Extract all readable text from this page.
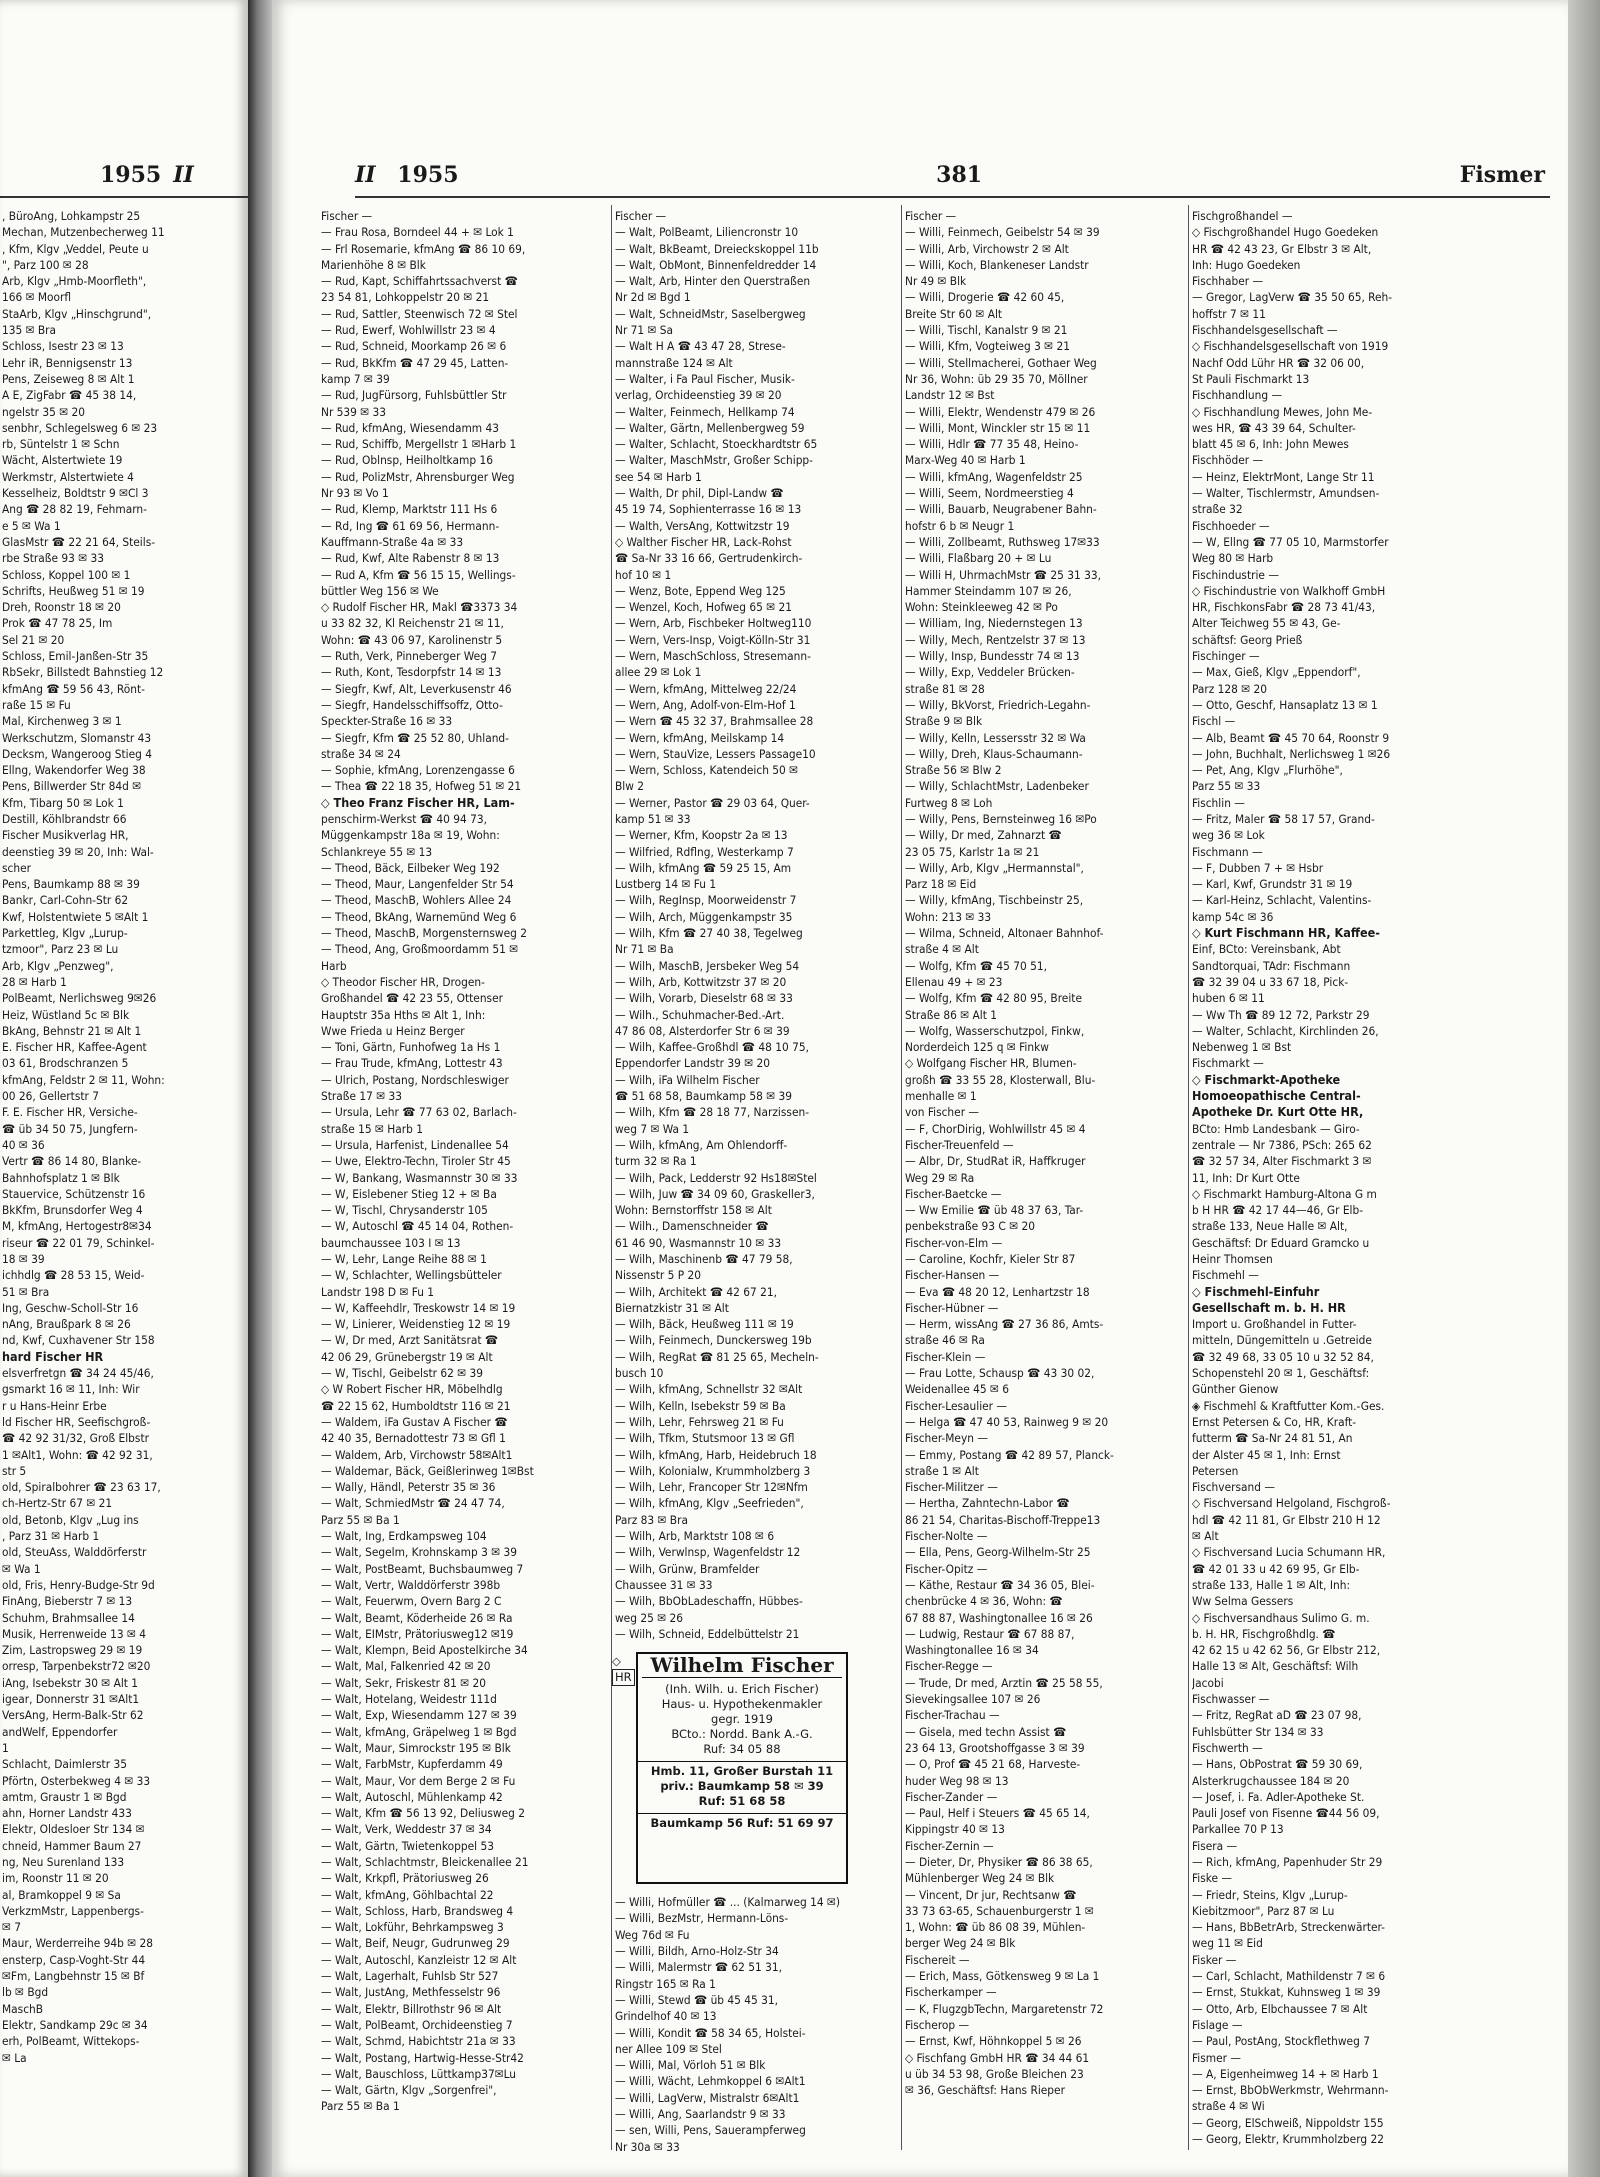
, BüroAng, Lohkampstr 25
Mechan, Mutzenbecherweg 11
, Kfm, Klgv „Veddel, Peute u
", Parz 100 ✉ 28
Arb, Klgv „Hmb-Moorfleth",
166 ✉ Moorfl
StaArb, Klgv „Hinschgrund",
135 ✉ Bra
Schloss, Isestr 23 ✉ 13
Lehr iR, Bennigsenstr 13
Pens, Zeiseweg 8 ✉ Alt 1
A E, ZigFabr ☎ 45 38 14,
ngelstr 35 ✉ 20
senbhr, Schlegelsweg 6 ✉ 23
rb, Süntelstr 1 ✉ Schn
Wächt, Alstertwiete 19
Werkmstr, Alstertwiete 4
Kesselheiz, Boldtstr 9 ✉Cl 3
Ang ☎ 28 82 19, Fehmarn-
e 5 ✉ Wa 1
GlasMstr ☎ 22 21 64, Steils-
rbe Straße 93 ✉ 33
Schloss, Koppel 100 ✉ 1
Schrifts, Heußweg 51 ✉ 19
Dreh, Roonstr 18 ✉ 20
Prok ☎ 47 78 25, Im
Sel 21 ✉ 20
Schloss, Emil-Janßen-Str 35
RbSekr, Billstedt Bahnstieg 12
kfmAng ☎ 59 56 43, Rönt-
raße 15 ✉ Fu
Mal, Kirchenweg 3 ✉ 1
Werkschutzm, Slomanstr 43
Decksm, Wangeroog Stieg 4
Ellng, Wakendorfer Weg 38
Pens, Billwerder Str 84d ✉
Kfm, Tibarg 50 ✉ Lok 1
Destill, Köhlbrandstr 66
Fischer Musikverlag HR,
deenstieg 39 ✉ 20, Inh: Wal-
scher
Pens, Baumkamp 88 ✉ 39
Bankr, Carl-Cohn-Str 62
Kwf, Holstentwiete 5 ✉Alt 1
Parkettleg, Klgv „Lurup-
tzmoor", Parz 23 ✉ Lu
Arb, Klgv „Penzweg",
28 ✉ Harb 1
PolBeamt, Nerlichsweg 9✉26
Heiz, Wüstland 5c ✉ Blk
BkAng, Behnstr 21 ✉ Alt 1
E. Fischer HR, Kaffee-Agent
03 61, Brodschranzen 5
kfmAng, Feldstr 2 ✉ 11, Wohn:
00 26, Gellertstr 7
F. E. Fischer HR, Versiche-
☎ üb 34 50 75, Jungfern-
40 ✉ 36
Vertr ☎ 86 14 80, Blanke-
Bahnhofsplatz 1 ✉ Blk
Stauervice, Schützenstr 16
BkKfm, Brunsdorfer Weg 4
M, kfmAng, Hertogestr8✉34
riseur ☎ 22 01 79, Schinkel-
18 ✉ 39
ichhdlg ☎ 28 53 15, Weid-
51 ✉ Bra
Ing, Geschw-Scholl-Str 16
nAng, Braußpark 8 ✉ 26
nd, Kwf, Cuxhavener Str 158
hard Fischer HR
elsverfretgn ☎ 34 24 45/46,
gsmarkt 16 ✉ 11, Inh: Wir
r u Hans-Heinr Erbe
ld Fischer HR, Seefischgroß-
☎ 42 92 31/32, Groß Elbstr
1 ✉Alt1, Wohn: ☎ 42 92 31,
str 5
old, Spiralbohrer ☎ 23 63 17,
ch-Hertz-Str 67 ✉ 21
old, Betonb, Klgv „Lug ins
, Parz 31 ✉ Harb 1
old, SteuAss, Walddörferstr
✉ Wa 1
old, Fris, Henry-Budge-Str 9d
FinAng, Bieberstr 7 ✉ 13
Schuhm, Brahmsallee 14
Musik, Herrenweide 13 ✉ 4
Zim, Lastropsweg 29 ✉ 19
orresp, Tarpenbekstr72 ✉20
iAng, Isebekstr 30 ✉ Alt 1
igear, Donnerstr 31 ✉Alt1
VersAng, Herm-Balk-Str 62
andWelf, Eppendorfer
1
Schlacht, Daimlerstr 35
Pförtn, Osterbekweg 4 ✉ 33
amtm, Graustr 1 ✉ Bgd
ahn, Horner Landstr 433
Elektr, Oldesloer Str 134 ✉
chneid, Hammer Baum 27
ng, Neu Surenland 133
im, Roonstr 11 ✉ 20
al, Bramkoppel 9 ✉ Sa
VerkzmMstr, Lappenbergs-
✉ 7
Maur, Werderreihe 94b ✉ 28
ensterp, Casp-Voght-Str 44
✉Fm, Langbehnstr 15 ✉ Bf
lb ✉ Bgd
MaschB
Elektr, Sandkamp 29c ✉ 34
erh, PolBeamt, Wittekops-
✉ La
1955 II	II 1955	381	Fismer
Fischer —
— Frau Rosa, Borndeel 44 + ✉ Lok 1
— Frl Rosemarie, kfmAng ☎ 86 10 69,
Marienhöhe 8 ✉ Blk
— Rud, Kapt, Schiffahrtssachverst ☎
23 54 81, Lohkoppelstr 20 ✉ 21
— Rud, Sattler, Steenwisch 72 ✉ Stel
— Rud, Ewerf, Wohlwillstr 23 ✉ 4
— Rud, Schneid, Moorkamp 26 ✉ 6
— Rud, BkKfm ☎ 47 29 45, Latten-
kamp 7 ✉ 39
— Rud, JugFürsorg, Fuhlsbüttler Str
Nr 539 ✉ 33
— Rud, kfmAng, Wiesendamm 43
— Rud, Schiffb, Mergellstr 1 ✉Harb 1
— Rud, Oblnsp, Heilholtkamp 16
— Rud, PolizMstr, Ahrensburger Weg
Nr 93 ✉ Vo 1
— Rud, Klemp, Marktstr 111 Hs 6
— Rd, Ing ☎ 61 69 56, Hermann-
Kauffmann-Straße 4a ✉ 33
— Rud, Kwf, Alte Rabenstr 8 ✉ 13
— Rud A, Kfm ☎ 56 15 15, Wellings-
büttler Weg 156 ✉ We
◇ Rudolf Fischer HR, Makl ☎3373 34
u 33 82 32, Kl Reichenstr 21 ✉ 11,
Wohn: ☎ 43 06 97, Karolinenstr 5
— Ruth, Verk, Pinneberger Weg 7
— Ruth, Kont, Tesdorpfstr 14 ✉ 13
— Siegfr, Kwf, Alt, Leverkusenstr 46
— Siegfr, Handelsschiffsoffz, Otto-
Speckter-Straße 16 ✉ 33
— Siegfr, Kfm ☎ 25 52 80, Uhland-
straße 34 ✉ 24
— Sophie, kfmAng, Lorenzengasse 6
— Thea ☎ 22 18 35, Hofweg 51 ✉ 21
◇ Theo Franz Fischer HR, Lam-
penschirm-Werkst ☎ 40 94 73,
Müggenkampstr 18a ✉ 19, Wohn:
Schlankreye 55 ✉ 13
— Theod, Bäck, Eilbeker Weg 192
— Theod, Maur, Langenfelder Str 54
— Theod, MaschB, Wohlers Allee 24
— Theod, BkAng, Warnemünd Weg 6
— Theod, MaschB, Morgensternsweg 2
— Theod, Ang, Großmoordamm 51 ✉
Harb
◇ Theodor Fischer HR, Drogen-
Großhandel ☎ 42 23 55, Ottenser
Hauptstr 35a Hths ✉ Alt 1, Inh:
Wwe Frieda u Heinz Berger
— Toni, Gärtn, Funhofweg 1a Hs 1
— Frau Trude, kfmAng, Lottestr 43
— Ulrich, Postang, Nordschleswiger
Straße 17 ✉ 33
— Ursula, Lehr ☎ 77 63 02, Barlach-
straße 15 ✉ Harb 1
— Ursula, Harfenist, Lindenallee 54
— Uwe, Elektro-Techn, Tiroler Str 45
— W, Bankang, Wasmannstr 30 ✉ 33
— W, Eislebener Stieg 12 + ✉ Ba
— W, Tischl, Chrysanderstr 105
— W, Autoschl ☎ 45 14 04, Rothen-
baumchaussee 103 I ✉ 13
— W, Lehr, Lange Reihe 88 ✉ 1
— W, Schlachter, Wellingsbütteler
Landstr 198 D ✉ Fu 1
— W, Kaffeehdlr, Treskowstr 14 ✉ 19
— W, Linierer, Weidenstieg 12 ✉ 19
— W, Dr med, Arzt Sanitätsrat ☎
42 06 29, Grünebergstr 19 ✉ Alt
— W, Tischl, Geibelstr 62 ✉ 39
◇ W Robert Fischer HR, Möbelhdlg
☎ 22 15 62, Humboldtstr 116 ✉ 21
— Waldem, iFa Gustav A Fischer ☎
42 40 35, Bernadottestr 73 ✉ Gfl 1
— Waldem, Arb, Virchowstr 58✉Alt1
— Waldemar, Bäck, Geißlerinweg 1✉Bst
— Wally, Händl, Peterstr 35 ✉ 36
— Walt, SchmiedMstr ☎ 24 47 74,
Parz 55 ✉ Ba 1
— Walt, Ing, Erdkampsweg 104
— Walt, Segelm, Krohnskamp 3 ✉ 39
— Walt, PostBeamt, Buchsbaumweg 7
— Walt, Vertr, Walddörferstr 398b
— Walt, Feuerwm, Overn Barg 2 C
— Walt, Beamt, Köderheide 26 ✉ Ra
— Walt, EIMstr, Prätoriusweg12 ✉19
— Walt, Klempn, Beid Apostelkirche 34
— Walt, Mal, Falkenried 42 ✉ 20
— Walt, Sekr, Friskestr 81 ✉ 20
— Walt, Hotelang, Weidestr 111d
— Walt, Exp, Wiesendamm 127 ✉ 39
— Walt, kfmAng, Gräpelweg 1 ✉ Bgd
— Walt, Maur, Simrockstr 195 ✉ Blk
— Walt, FarbMstr, Kupferdamm 49
— Walt, Maur, Vor dem Berge 2 ✉ Fu
— Walt, Autoschl, Mühlenkamp 42
— Walt, Kfm ☎ 56 13 92, Deliusweg 2
— Walt, Verk, Weddestr 37 ✉ 34
— Walt, Gärtn, Twietenkoppel 53
— Walt, Schlachtmstr, Bleickenallee 21
— Walt, Krkpfl, Prätoriusweg 26
— Walt, kfmAng, Göhlbachtal 22
— Walt, Schloss, Harb, Brandsweg 4
— Walt, Lokführ, Behrkampsweg 3
— Walt, Beif, Neugr, Gudrunweg 29
— Walt, Autoschl, Kanzleistr 12 ✉ Alt
— Walt, Lagerhalt, Fuhlsb Str 527
— Walt, JustAng, Methfesselstr 96
— Walt, Elektr, Billrothstr 96 ✉ Alt
— Walt, PolBeamt, Orchideenstieg 7
— Walt, Schmd, Habichtstr 21a ✉ 33
— Walt, Postang, Hartwig-Hesse-Str42
— Walt, Bauschloss, Lüttkamp37✉Lu
— Walt, Gärtn, Klgv „Sorgenfrei",
Parz 55 ✉ Ba 1
Fischer —
— Walt, PolBeamt, Liliencronstr 10
— Walt, BkBeamt, Dreieckskoppel 11b
— Walt, ObMont, Binnenfeldredder 14
— Walt, Arb, Hinter den Querstraßen
Nr 2d ✉ Bgd 1
— Walt, SchneidMstr, Saselbergweg
Nr 71 ✉ Sa
— Walt H A ☎ 43 47 28, Strese-
mannstraße 124 ✉ Alt
— Walter, i Fa Paul Fischer, Musik-
verlag, Orchideenstieg 39 ✉ 20
— Walter, Feinmech, Hellkamp 74
— Walter, Gärtn, Mellenbergweg 59
— Walter, Schlacht, Stoeckhardtstr 65
— Walter, MaschMstr, Großer Schipp-
see 54 ✉ Harb 1
— Walth, Dr phil, Dipl-Landw ☎
45 19 74, Sophienterrasse 16 ✉ 13
— Walth, VersAng, Kottwitzstr 19
◇ Walther Fischer HR, Lack-Rohst
☎ Sa-Nr 33 16 66, Gertrudenkirch-
hof 10 ✉ 1
— Wenz, Bote, Eppend Weg 125
— Wenzel, Koch, Hofweg 65 ✉ 21
— Wern, Arb, Fischbeker Holtweg110
— Wern, Vers-Insp, Voigt-Kölln-Str 31
— Wern, MaschSchloss, Stresemann-
allee 29 ✉ Lok 1
— Wern, kfmAng, Mittelweg 22/24
— Wern, Ang, Adolf-von-Elm-Hof 1
— Wern ☎ 45 32 37, Brahmsallee 28
— Wern, kfmAng, Meilskamp 14
— Wern, StauVize, Lessers Passage10
— Wern, Schloss, Katendeich 50 ✉
Blw 2
— Werner, Pastor ☎ 29 03 64, Quer-
kamp 51 ✉ 33
— Werner, Kfm, Koopstr 2a ✉ 13
— Wilfried, Rdflng, Westerkamp 7
— Wilh, kfmAng ☎ 59 25 15, Am
Lustberg 14 ✉ Fu 1
— Wilh, RegInsp, Moorweidenstr 7
— Wilh, Arch, Müggenkampstr 35
— Wilh, Kfm ☎ 27 40 38, Tegelweg
Nr 71 ✉ Ba
— Wilh, MaschB, Jersbeker Weg 54
— Wilh, Arb, Kottwitzstr 37 ✉ 20
— Wilh, Vorarb, Dieselstr 68 ✉ 33
— Wilh., Schuhmacher-Bed.-Art.
47 86 08, Alsterdorfer Str 6 ✉ 39
— Wilh, Kaffee-Großhdl ☎ 48 10 75,
Eppendorfer Landstr 39 ✉ 20
— Wilh, iFa Wilhelm Fischer
☎ 51 68 58, Baumkamp 58 ✉ 39
— Wilh, Kfm ☎ 28 18 77, Narzissen-
weg 7 ✉ Wa 1
— Wilh, kfmAng, Am Ohlendorff-
turm 32 ✉ Ra 1
— Wilh, Pack, Ledderstr 92 Hs18✉Stel
— Wilh, Juw ☎ 34 09 60, Graskeller3,
Wohn: Bernstorffstr 158 ✉ Alt
— Wilh., Damenschneider ☎
61 46 90, Wasmannstr 10 ✉ 33
— Wilh, Maschinenb ☎ 47 79 58,
Nissenstr 5 P 20
— Wilh, Architekt ☎ 42 67 21,
Biernatzkistr 31 ✉ Alt
— Wilh, Bäck, Heußweg 111 ✉ 19
— Wilh, Feinmech, Dunckersweg 19b
— Wilh, RegRat ☎ 81 25 65, Mecheln-
busch 10
— Wilh, kfmAng, Schnellstr 32 ✉Alt
— Wilh, Kelln, Isebekstr 59 ✉ Ba
— Wilh, Lehr, Fehrsweg 21 ✉ Fu
— Wilh, Tfkm, Stutsmoor 13 ✉ Gfl
— Wilh, kfmAng, Harb, Heidebruch 18
— Wilh, Kolonialw, Krummholzberg 3
— Wilh, Lehr, Francoper Str 12✉Nfm
— Wilh, kfmAng, Klgv „Seefrieden",
Parz 83 ✉ Bra
— Wilh, Arb, Marktstr 108 ✉ 6
— Wilh, Verwlnsp, Wagenfeldstr 12
— Wilh, Grünw, Bramfelder
Chaussee 31 ✉ 33
— Wilh, BbObLadeschaffn, Hübbes-
weg 25 ✉ 26
— Wilh, Schneid, Eddelbüttelstr 21
— Willi, Hofmüller ☎ ... (Kalmarweg 14 ✉)
— Willi, BezMstr, Hermann-Löns-
Weg 76d ✉ Fu
— Willi, Bildh, Arno-Holz-Str 34
— Willi, Malermstr ☎ 62 51 31,
Ringstr 165 ✉ Ra 1
— Willi, Stewd ☎ üb 45 45 31,
Grindelhof 40 ✉ 13
— Willi, Kondit ☎ 58 34 65, Holstei-
ner Allee 109 ✉ Stel
— Willi, Mal, Vörloh 51 ✉ Blk
— Willi, Wächt, Lehmkoppel 6 ✉Alt1
— Willi, LagVerw, Mistralstr 6✉Alt1
— Willi, Ang, Saarlandstr 9 ✉ 33
— sen, Willi, Pens, Sauerampferweg
Nr 30a ✉ 33
Fischer —
— Willi, Feinmech, Geibelstr 54 ✉ 39
— Willi, Arb, Virchowstr 2 ✉ Alt
— Willi, Koch, Blankeneser Landstr
Nr 49 ✉ Blk
— Willi, Drogerie ☎ 42 60 45,
Breite Str 60 ✉ Alt
— Willi, Tischl, Kanalstr 9 ✉ 21
— Willi, Kfm, Vogteiweg 3 ✉ 21
— Willi, Stellmacherei, Gothaer Weg
Nr 36, Wohn: üb 29 35 70, Möllner
Landstr 12 ✉ Bst
— Willi, Elektr, Wendenstr 479 ✉ 26
— Willi, Mont, Winckler str 15 ✉ 11
— Willi, Hdlr ☎ 77 35 48, Heino-
Marx-Weg 40 ✉ Harb 1
— Willi, kfmAng, Wagenfeldstr 25
— Willi, Seem, Nordmeerstieg 4
— Willi, Bauarb, Neugrabener Bahn-
hofstr 6 b ✉ Neugr 1
— Willi, Zollbeamt, Ruthsweg 17✉33
— Willi, Flaßbarg 20 + ✉ Lu
— Willi H, UhrmachMstr ☎ 25 31 33,
Hammer Steindamm 107 ✉ 26,
Wohn: Steinkleeweg 42 ✉ Po
— William, Ing, Niedernstegen 13
— Willy, Mech, Rentzelstr 37 ✉ 13
— Willy, Insp, Bundesstr 74 ✉ 13
— Willy, Exp, Veddeler Brücken-
straße 81 ✉ 28
— Willy, BkVorst, Friedrich-Legahn-
Straße 9 ✉ Blk
— Willy, Kelln, Lessersstr 32 ✉ Wa
— Willy, Dreh, Klaus-Schaumann-
Straße 56 ✉ Blw 2
— Willy, SchlachtMstr, Ladenbeker
Furtweg 8 ✉ Loh
— Willy, Pens, Bernsteinweg 16 ✉Po
— Willy, Dr med, Zahnarzt ☎
23 05 75, Karlstr 1a ✉ 21
— Willy, Arb, Klgv „Hermannstal",
Parz 18 ✉ Eid
— Willy, kfmAng, Tischbeinstr 25,
Wohn: 213 ✉ 33
— Wilma, Schneid, Altonaer Bahnhof-
straße 4 ✉ Alt
— Wolfg, Kfm ☎ 45 70 51,
Ellenau 49 + ✉ 23
— Wolfg, Kfm ☎ 42 80 95, Breite
Straße 86 ✉ Alt 1
— Wolfg, Wasserschutzpol, Finkw,
Norderdeich 125 q ✉ Finkw
◇ Wolfgang Fischer HR, Blumen-
großh ☎ 33 55 28, Klosterwall, Blu-
menhalle ✉ 1
von Fischer —
— F, ChorDirig, Wohlwillstr 45 ✉ 4
Fischer-Treuenfeld —
— Albr, Dr, StudRat iR, Haffkruger
Weg 29 ✉ Ra
Fischer-Baetcke —
— Ww Emilie ☎ üb 48 37 63, Tar-
penbekstraße 93 C ✉ 20
Fischer-von-Elm —
— Caroline, Kochfr, Kieler Str 87
Fischer-Hansen —
— Eva ☎ 48 20 12, Lenhartzstr 18
Fischer-Hübner —
— Herm, wissAng ☎ 27 36 86, Amts-
straße 46 ✉ Ra
Fischer-Klein —
— Frau Lotte, Schausp ☎ 43 30 02,
Weidenallee 45 ✉ 6
Fischer-Lesaulier —
— Helga ☎ 47 40 53, Rainweg 9 ✉ 20
Fischer-Meyn —
— Emmy, Postang ☎ 42 89 57, Planck-
straße 1 ✉ Alt
Fischer-Militzer —
— Hertha, Zahntechn-Labor ☎
86 21 54, Charitas-Bischoff-Treppe13
Fischer-Nolte —
— Ella, Pens, Georg-Wilhelm-Str 25
Fischer-Opitz —
— Käthe, Restaur ☎ 34 36 05, Blei-
chenbrücke 4 ✉ 36, Wohn: ☎
67 88 87, Washingtonallee 16 ✉ 26
— Ludwig, Restaur ☎ 67 88 87,
Washingtonallee 16 ✉ 34
Fischer-Regge —
— Trude, Dr med, Arztin ☎ 25 58 55,
Sievekingsallee 107 ✉ 26
Fischer-Trachau —
— Gisela, med techn Assist ☎
23 64 13, Grootshoffgasse 3 ✉ 39
— O, Prof ☎ 45 21 68, Harveste-
huder Weg 98 ✉ 13
Fischer-Zander —
— Paul, Helf i Steuers ☎ 45 65 14,
Kippingstr 40 ✉ 13
Fischer-Zernin —
— Dieter, Dr, Physiker ☎ 86 38 65,
Mühlenberger Weg 24 ✉ Blk
— Vincent, Dr jur, Rechtsanw ☎
33 73 63-65, Schauenburgerstr 1 ✉
1, Wohn: ☎ üb 86 08 39, Mühlen-
berger Weg 24 ✉ Blk
Fischereit —
— Erich, Mass, Götkensweg 9 ✉ La 1
Fischerkamper —
— K, FlugzgbTechn, Margaretenstr 72
Fischerop —
— Ernst, Kwf, Höhnkoppel 5 ✉ 26
◇ Fischfang GmbH HR ☎ 34 44 61
u üb 34 53 98, Große Bleichen 23
✉ 36, Geschäftsf: Hans Rieper
Fischgroßhandel —
◇ Fischgroßhandel Hugo Goedeken
HR ☎ 42 43 23, Gr Elbstr 3 ✉ Alt,
Inh: Hugo Goedeken
Fischhaber —
— Gregor, LagVerw ☎ 35 50 65, Reh-
hoffstr 7 ✉ 11
Fischhandelsgesellschaft —
◇ Fischhandelsgesellschaft von 1919
Nachf Odd Lühr HR ☎ 32 06 00,
St Pauli Fischmarkt 13
Fischhandlung —
◇ Fischhandlung Mewes, John Me-
wes HR, ☎ 43 39 64, Schulter-
blatt 45 ✉ 6, Inh: John Mewes
Fischhöder —
— Heinz, ElektrMont, Lange Str 11
— Walter, Tischlermstr, Amundsen-
straße 32
Fischhoeder —
— W, Ellng ☎ 77 05 10, Marmstorfer
Weg 80 ✉ Harb
Fischindustrie —
◇ Fischindustrie von Walkhoff GmbH
HR, FischkonsFabr ☎ 28 73 41/43,
Alter Teichweg 55 ✉ 43, Ge-
schäftsf: Georg Prieß
Fischinger —
— Max, Gieß, Klgv „Eppendorf",
Parz 128 ✉ 20
— Otto, Geschf, Hansaplatz 13 ✉ 1
Fischl —
— Alb, Beamt ☎ 45 70 64, Roonstr 9
— John, Buchhalt, Nerlichsweg 1 ✉26
— Pet, Ang, Klgv „Flurhöhe",
Parz 55 ✉ 33
Fischlin —
— Fritz, Maler ☎ 58 17 57, Grand-
weg 36 ✉ Lok
Fischmann —
— F, Dubben 7 + ✉ Hsbr
— Karl, Kwf, Grundstr 31 ✉ 19
— Karl-Heinz, Schlacht, Valentins-
kamp 54c ✉ 36
◇ Kurt Fischmann HR, Kaffee-
Einf, BCto: Vereinsbank, Abt
Sandtorquai, TAdr: Fischmann
☎ 32 39 04 u 33 67 18, Pick-
huben 6 ✉ 11
— Ww Th ☎ 89 12 72, Parkstr 29
— Walter, Schlacht, Kirchlinden 26,
Nebenweg 1 ✉ Bst
Fischmarkt —
◇ Fischmarkt-Apotheke
Homoeopathische Central-
Apotheke Dr. Kurt Otte HR,
BCto: Hmb Landesbank — Giro-
zentrale — Nr 7386, PSch: 265 62
☎ 32 57 34, Alter Fischmarkt 3 ✉
11, Inh: Dr Kurt Otte
◇ Fischmarkt Hamburg-Altona G m
b H HR ☎ 42 17 44—46, Gr Elb-
straße 133, Neue Halle ✉ Alt,
Geschäftsf: Dr Eduard Gramcko u
Heinr Thomsen
Fischmehl —
◇ Fischmehl-Einfuhr
Gesellschaft m. b. H. HR
Import u. Großhandel in Futter-
mitteln, Düngemitteln u .Getreide
☎ 32 49 68, 33 05 10 u 32 52 84,
Schopenstehl 20 ✉ 1, Geschäftsf:
Günther Gienow
◈ Fischmehl & Kraftfutter Kom.-Ges.
Ernst Petersen & Co, HR, Kraft-
futterm ☎ Sa-Nr 24 81 51, An
der Alster 45 ✉ 1, Inh: Ernst
Petersen
Fischversand —
◇ Fischversand Helgoland, Fischgroß-
hdl ☎ 42 11 81, Gr Elbstr 210 H 12
✉ Alt
◇ Fischversand Lucia Schumann HR,
☎ 42 01 33 u 42 69 95, Gr Elb-
straße 133, Halle 1 ✉ Alt, Inh:
Ww Selma Gessers
◇ Fischversandhaus Sulimo G. m.
b. H. HR, Fischgroßhdlg. ☎
42 62 15 u 42 62 56, Gr Elbstr 212,
Halle 13 ✉ Alt, Geschäftsf: Wilh
Jacobi
Fischwasser —
— Fritz, RegRat aD ☎ 23 07 98,
Fuhlsbütter Str 134 ✉ 33
Fischwerth —
— Hans, ObPostrat ☎ 59 30 69,
Alsterkrugchaussee 184 ✉ 20
— Josef, i. Fa. Adler-Apotheke St.
Pauli Josef von Fisenne ☎44 56 09,
Parkallee 70 P 13
Fisera —
— Rich, kfmAng, Papenhuder Str 29
Fiske —
— Friedr, Steins, Klgv „Lurup-
Kiebitzmoor", Parz 87 ✉ Lu
— Hans, BbBetrArb, Streckenwärter-
weg 11 ✉ Eid
Fisker —
— Carl, Schlacht, Mathildenstr 7 ✉ 6
— Ernst, Stukkat, Kuhnsweg 1 ✉ 39
— Otto, Arb, Elbchaussee 7 ✉ Alt
Fislage —
— Paul, PostAng, Stockflethweg 7
Fismer —
— A, Eigenheimweg 14 + ✉ Harb 1
— Ernst, BbObWerkmstr, Wehrmann-
straße 4 ✉ Wi
— Georg, ElSchweiß, Nippoldstr 155
— Georg, Elektr, Krummholzberg 22
◇
HR Wilhelm Fischer
(Inh. Wilh. u. Erich Fischer)
Haus- u. Hypothekenmakler
gegr. 1919
BCto.: Nordd. Bank A.-G.
Ruf: 34 05 88
Hmb. 11, Großer Burstah 11
priv.: Baumkamp 58 ✉ 39
Ruf: 51 68 58
Baumkamp 56 Ruf: 51 69 97
